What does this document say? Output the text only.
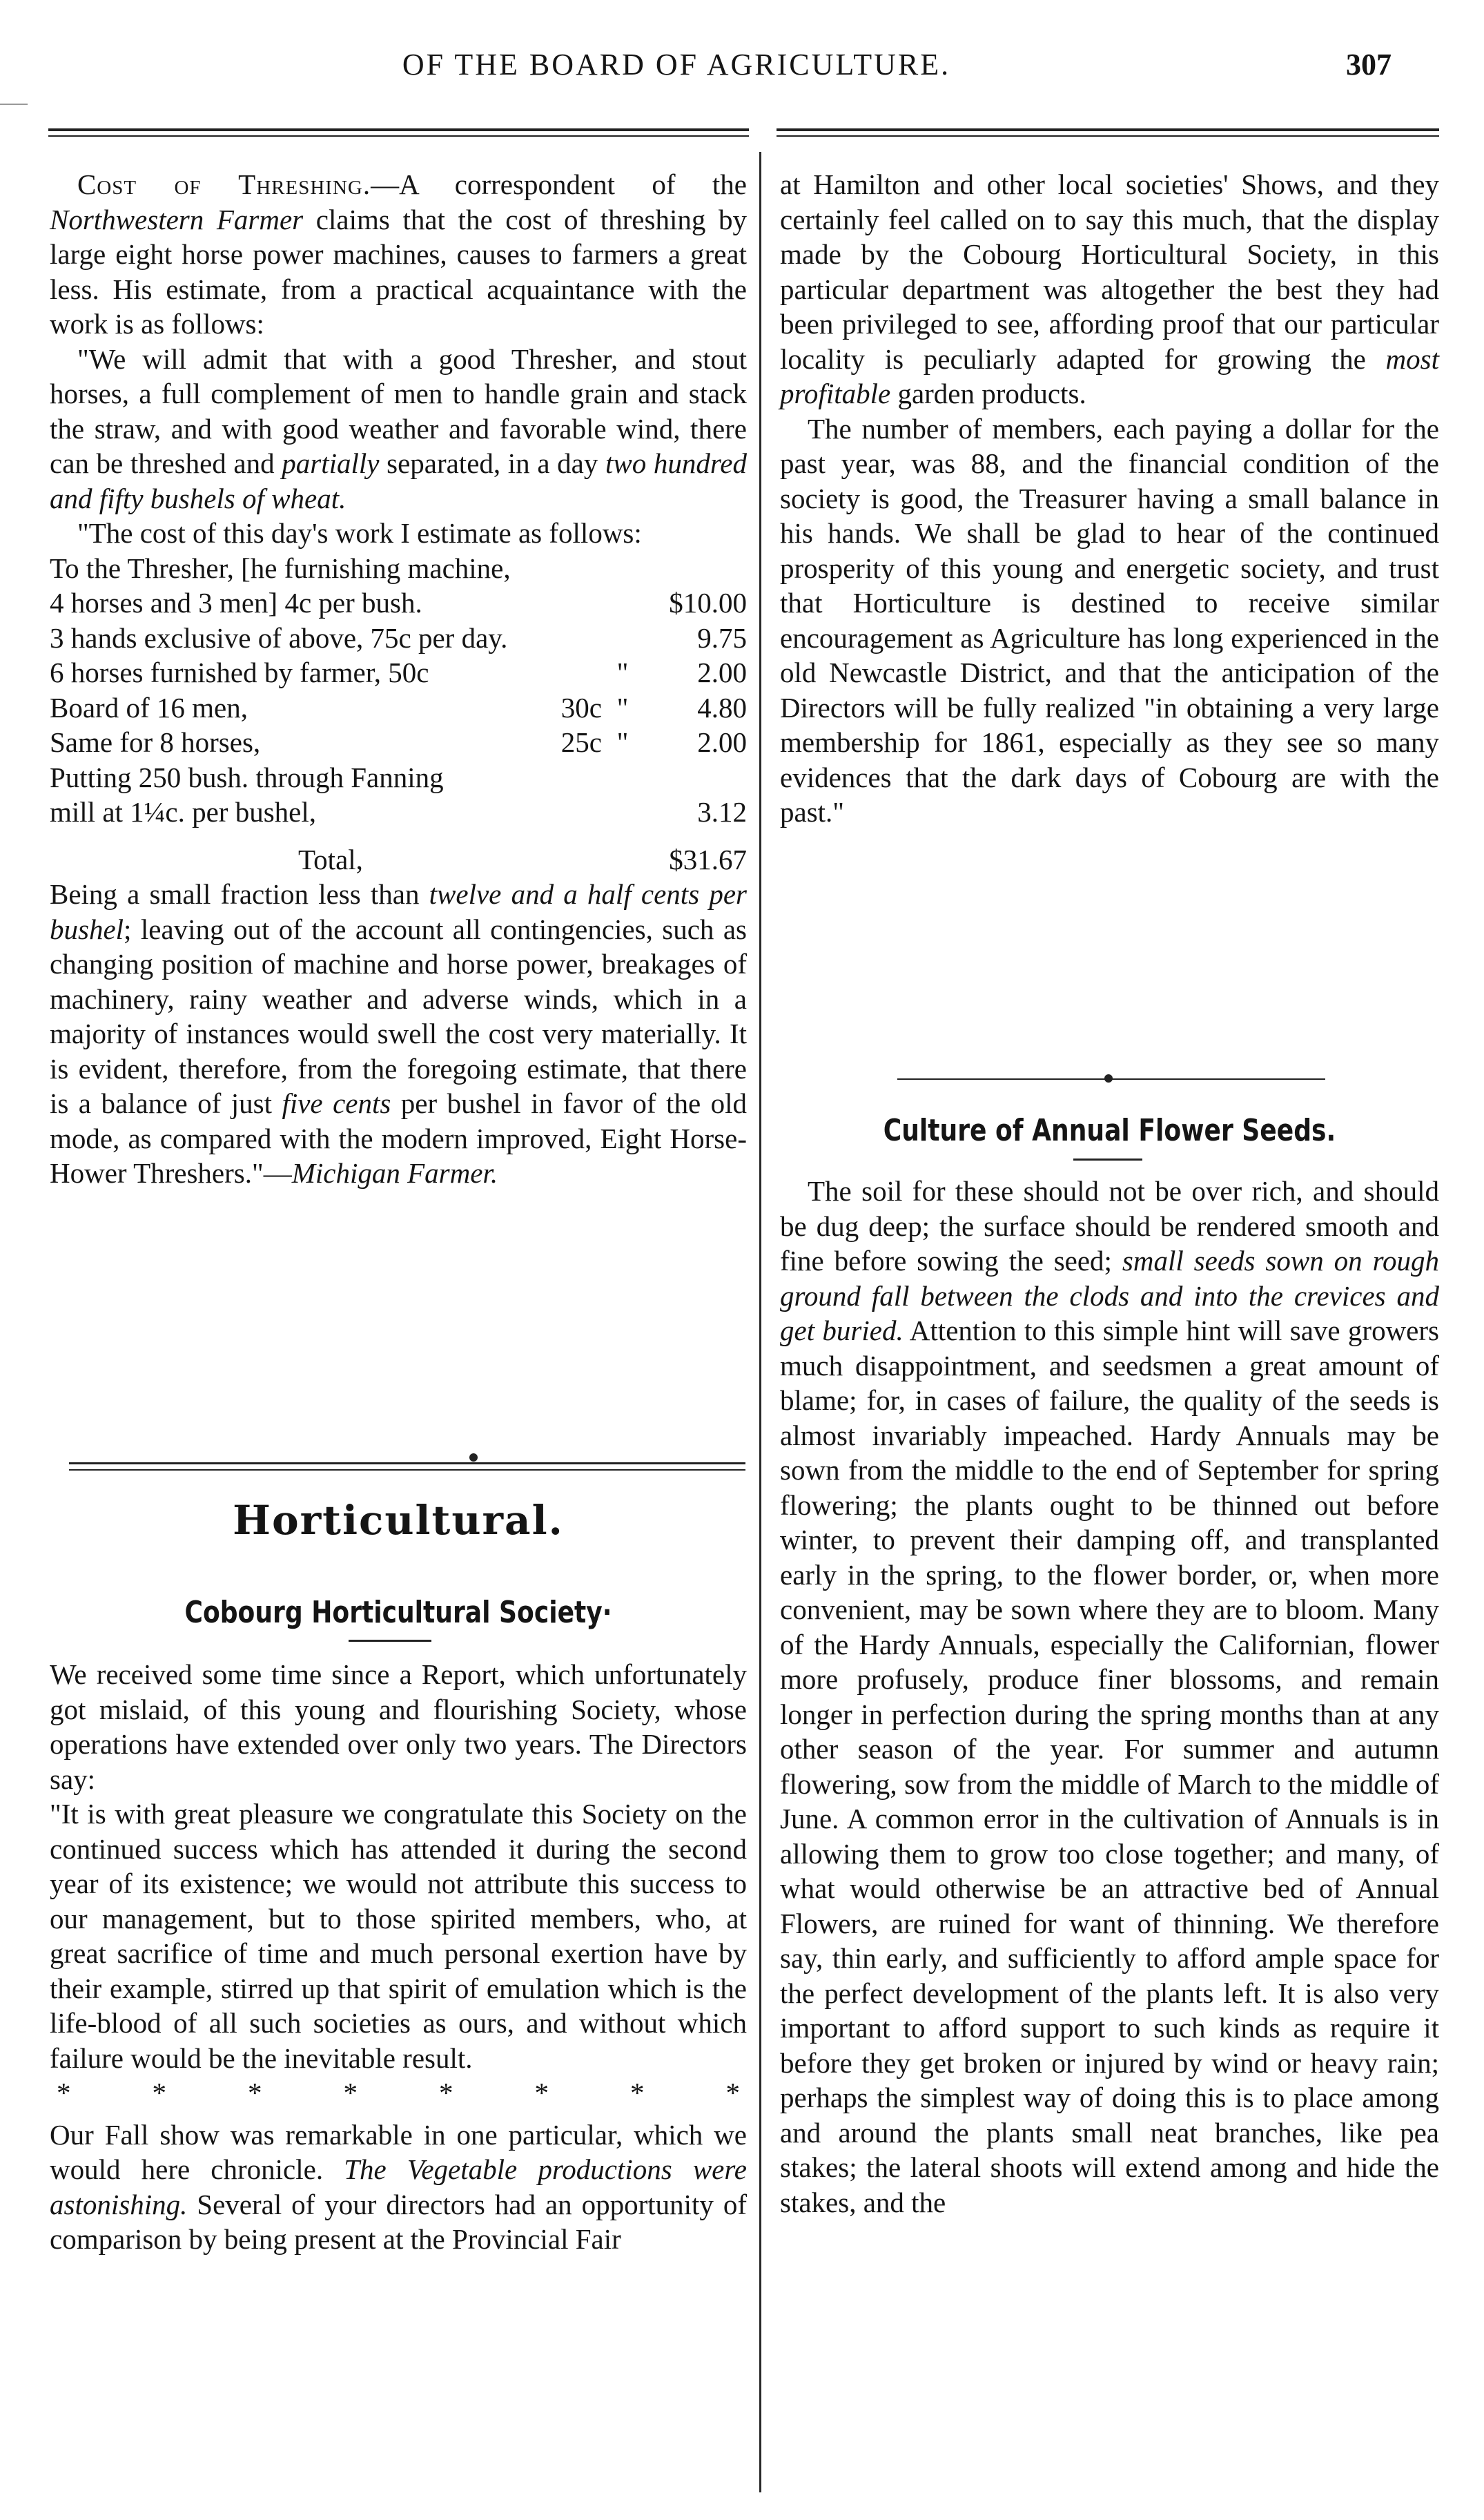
OF THE BOARD OF AGRICULTURE.	307

Cost of Threshing.—A correspondent of the Northwestern Farmer claims that the cost of threshing by large eight horse power machines, causes to farmers a great less. His estimate, from a practical acquaintance with the work is as follows:

"We will admit that with a good Thresher, and stout horses, a full complement of men to handle grain and stack the straw, and with good weather and favorable wind, there can be threshed and partially separated, in a day two hundred and fifty bushels of wheat.

"The cost of this day's work I estimate as follows:

To the Thresher, [he furnishing machine,			
4 horses and 3 men] 4c per bush.			$10.00
3 hands exclusive of above, 75c per day.			9.75
6 horses furnished by farmer, 50c		"	2.00
Board of 16 men,	30c	"	4.80
Same for 8 horses,	25c	"	2.00
Putting 250 bush. through Fanning			
mill at 1¼c. per bushel,			3.12
Total,			$31.67

Being a small fraction less than twelve and a half cents per bushel; leaving out of the account all contingencies, such as changing position of machine and horse power, breakages of machinery, rainy weather and adverse winds, which in a majority of instances would swell the cost very materially. It is evident, therefore, from the foregoing estimate, that there is a balance of just five cents per bushel in favor of the old mode, as compared with the modern improved, Eight Horse-Hower Threshers."—Michigan Farmer.

Horticultural.
Cobourg Horticultural Society·

We received some time since a Report, which unfortunately got mislaid, of this young and flourishing Society, whose operations have extended over only two years. The Directors say:

"It is with great pleasure we congratulate this Society on the continued success which has attended it during the second year of its existence; we would not attribute this success to our management, but to those spirited members, who, at great sacrifice of time and much personal exertion have by their example, stirred up that spirit of emulation which is the life-blood of all such societies as ours, and without which failure would be the inevitable result.

*	*	*	*	*	*	*	*

Our Fall show was remarkable in one particular, which we would here chronicle. The Vegetable productions were astonishing. Several of your directors had an opportunity of comparison by being present at the Provincial Fair

at Hamilton and other local societies' Shows, and they certainly feel called on to say this much, that the display made by the Cobourg Horticultural Society, in this particular department was altogether the best they had been privileged to see, affording proof that our particular locality is peculiarly adapted for growing the most profitable garden products.

The number of members, each paying a dollar for the past year, was 88, and the financial condition of the society is good, the Treasurer having a small balance in his hands. We shall be glad to hear of the continued prosperity of this young and energetic society, and trust that Horticulture is destined to receive similar encouragement as Agriculture has long experienced in the old Newcastle District, and that the anticipation of the Directors will be fully realized "in obtaining a very large membership for 1861, especially as they see so many evidences that the dark days of Cobourg are with the past."

Culture of Annual Flower Seeds.

The soil for these should not be over rich, and should be dug deep; the surface should be rendered smooth and fine before sowing the seed; small seeds sown on rough ground fall between the clods and into the crevices and get buried. Attention to this simple hint will save growers much disappointment, and seedsmen a great amount of blame; for, in cases of failure, the quality of the seeds is almost invariably impeached. Hardy Annuals may be sown from the middle to the end of September for spring flowering; the plants ought to be thinned out before winter, to prevent their damping off, and transplanted early in the spring, to the flower border, or, when more convenient, may be sown where they are to bloom. Many of the Hardy Annuals, especially the Californian, flower more profusely, produce finer blossoms, and remain longer in perfection during the spring months than at any other season of the year. For summer and autumn flowering, sow from the middle of March to the middle of June. A common error in the cultivation of Annuals is in allowing them to grow too close together; and many, of what would otherwise be an attractive bed of Annual Flowers, are ruined for want of thinning. We therefore say, thin early, and sufficiently to afford ample space for the perfect development of the plants left. It is also very important to afford support to such kinds as require it before they get broken or injured by wind or heavy rain; perhaps the simplest way of doing this is to place among and around the plants small neat branches, like pea stakes; the lateral shoots will extend among and hide the stakes, and the
